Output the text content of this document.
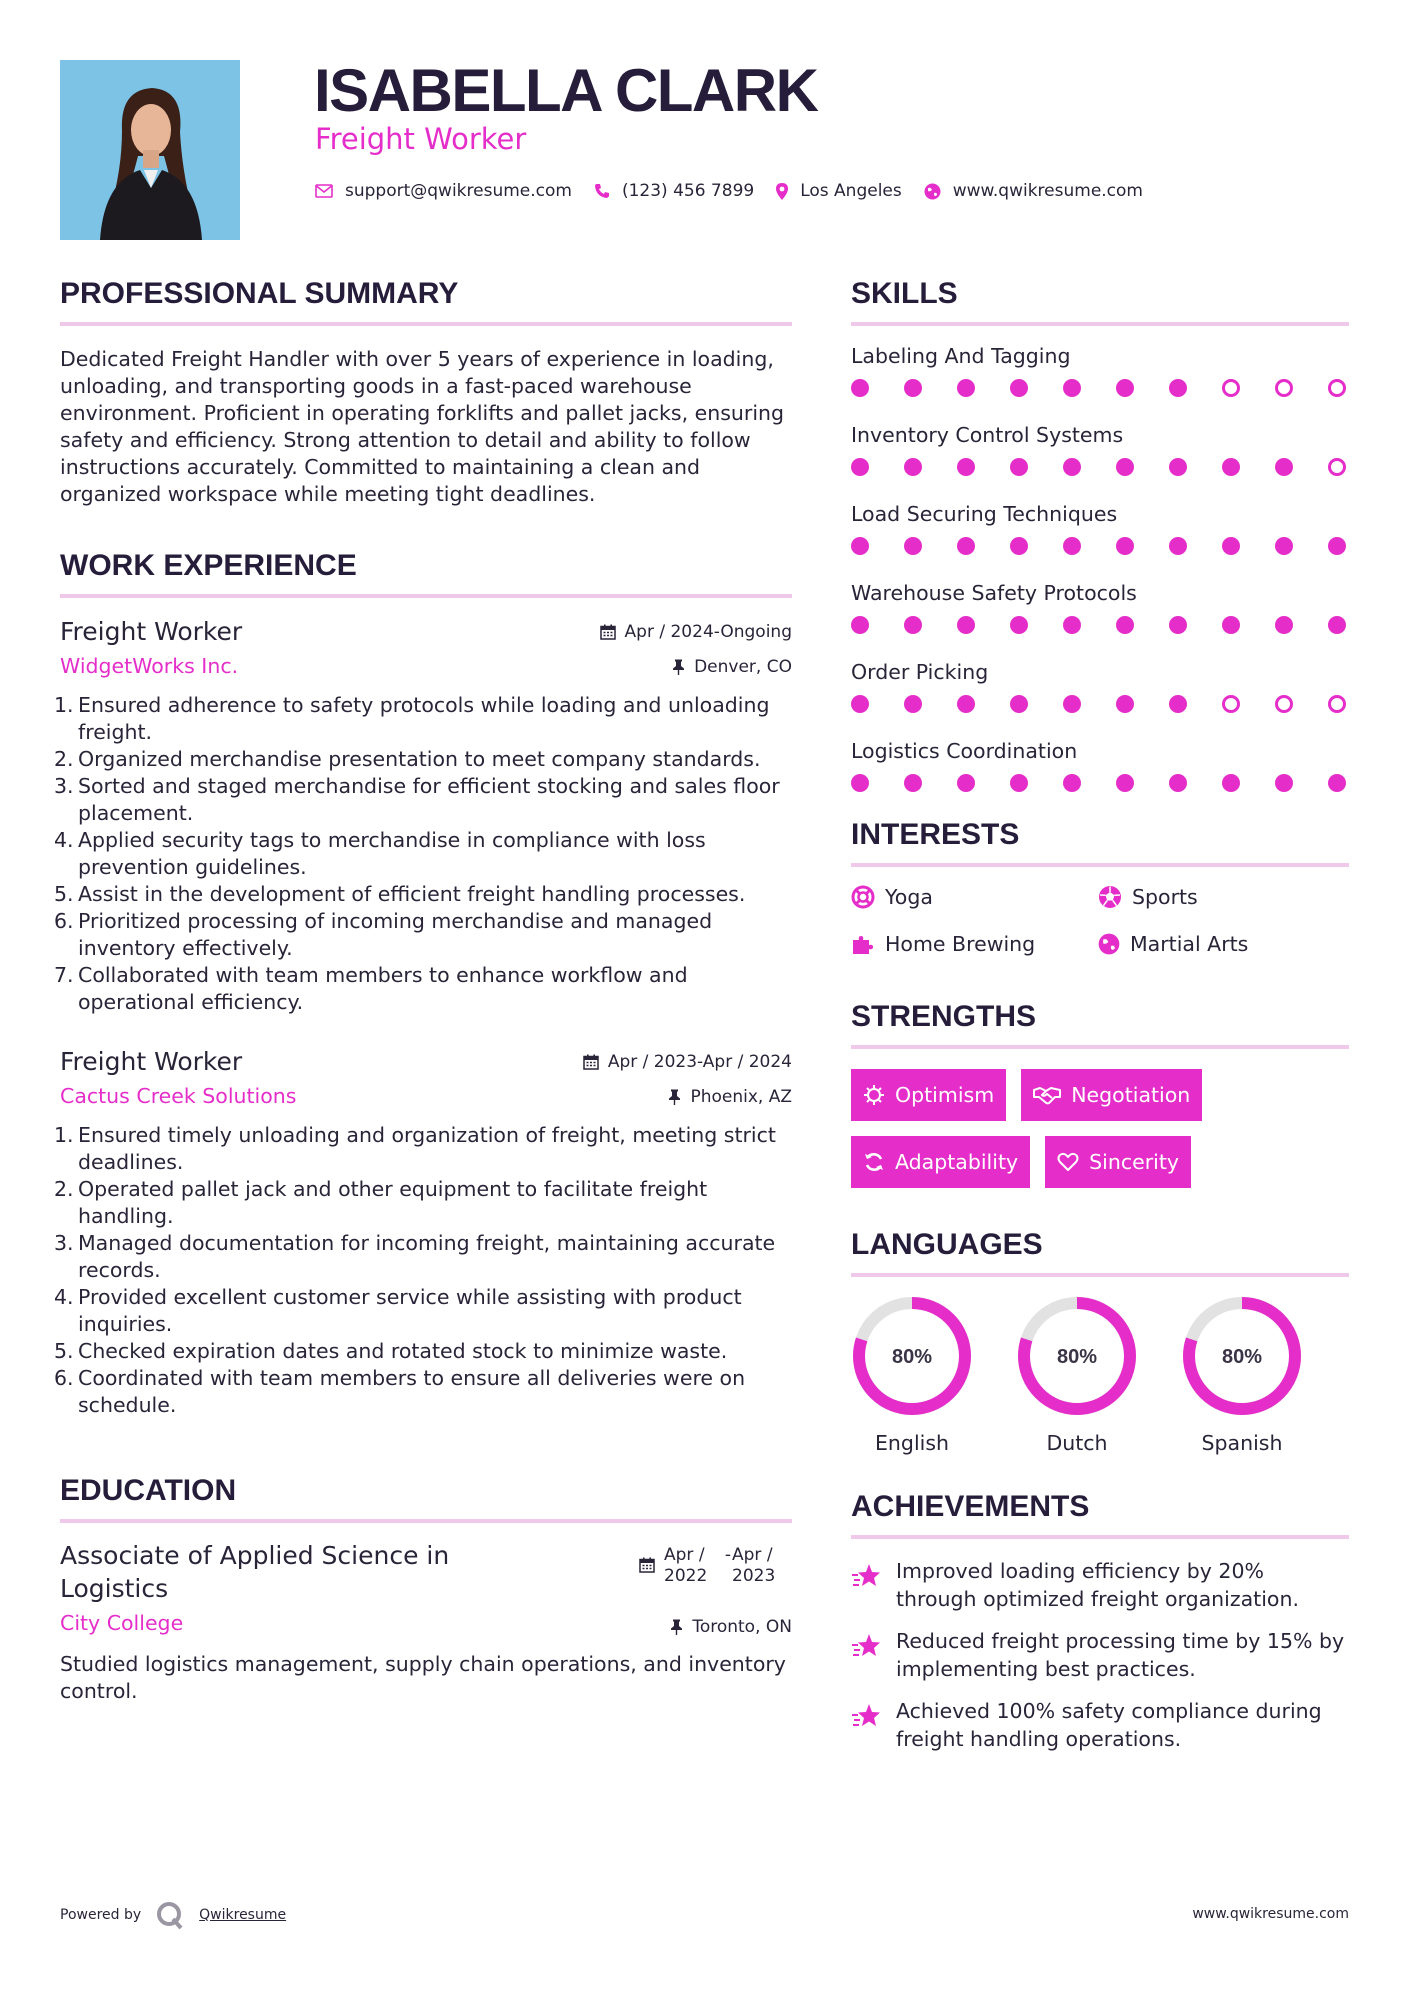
ISABELLA CLARK
Freight Worker
support@qwikresume.com	(123) 456 7899	Los Angeles	www.qwikresume.com
PROFESSIONAL SUMMARY

Dedicated Freight Handler with over 5 years of experience in loading, unloading, and transporting goods in a fast-paced warehouse environment. Proficient in operating forklifts and pallet jacks, ensuring safety and efficiency. Strong attention to detail and ability to follow instructions accurately. Committed to maintaining a clean and organized workspace while meeting tight deadlines.

WORK EXPERIENCE
Freight Worker
WidgetWorks Inc.
Apr / 2024-Ongoing
Denver, CO
1. Ensured adherence to safety protocols while loading and unloading freight.
2. Organized merchandise presentation to meet company standards.
3. Sorted and staged merchandise for efficient stocking and sales floor placement.
4. Applied security tags to merchandise in compliance with loss prevention guidelines.
5. Assist in the development of efficient freight handling processes.
6. Prioritized processing of incoming merchandise and managed inventory effectively.
7. Collaborated with team members to enhance workflow and operational efficiency.
Freight Worker
Cactus Creek Solutions
Apr / 2023-Apr / 2024
Phoenix, AZ
1. Ensured timely unloading and organization of freight, meeting strict deadlines.
2. Operated pallet jack and other equipment to facilitate freight handling.
3. Managed documentation for incoming freight, maintaining accurate records.
4. Provided excellent customer service while assisting with product inquiries.
5. Checked expiration dates and rotated stock to minimize waste.
6. Coordinated with team members to ensure all deliveries were on schedule.
EDUCATION
Associate of Applied Science in Logistics
City College
Apr / 2022
- Apr / 2023
Toronto, ON

Studied logistics management, supply chain operations, and inventory control.

SKILLS
Labeling And Tagging
Inventory Control Systems
Load Securing Techniques
Warehouse Safety Protocols
Order Picking
Logistics Coordination
INTERESTS
Yoga	Sports
Home Brewing	Martial Arts
STRENGTHS
Optimism	Negotiation
Adaptability	Sincerity
LANGUAGES
80%
English
80%
Dutch
80%
Spanish
ACHIEVEMENTS
Improved loading efficiency by 20% through optimized freight organization.
Reduced freight processing time by 15% by implementing best practices.
Achieved 100% safety compliance during freight handling operations.
Powered by	Qwikresume	www.qwikresume.com
